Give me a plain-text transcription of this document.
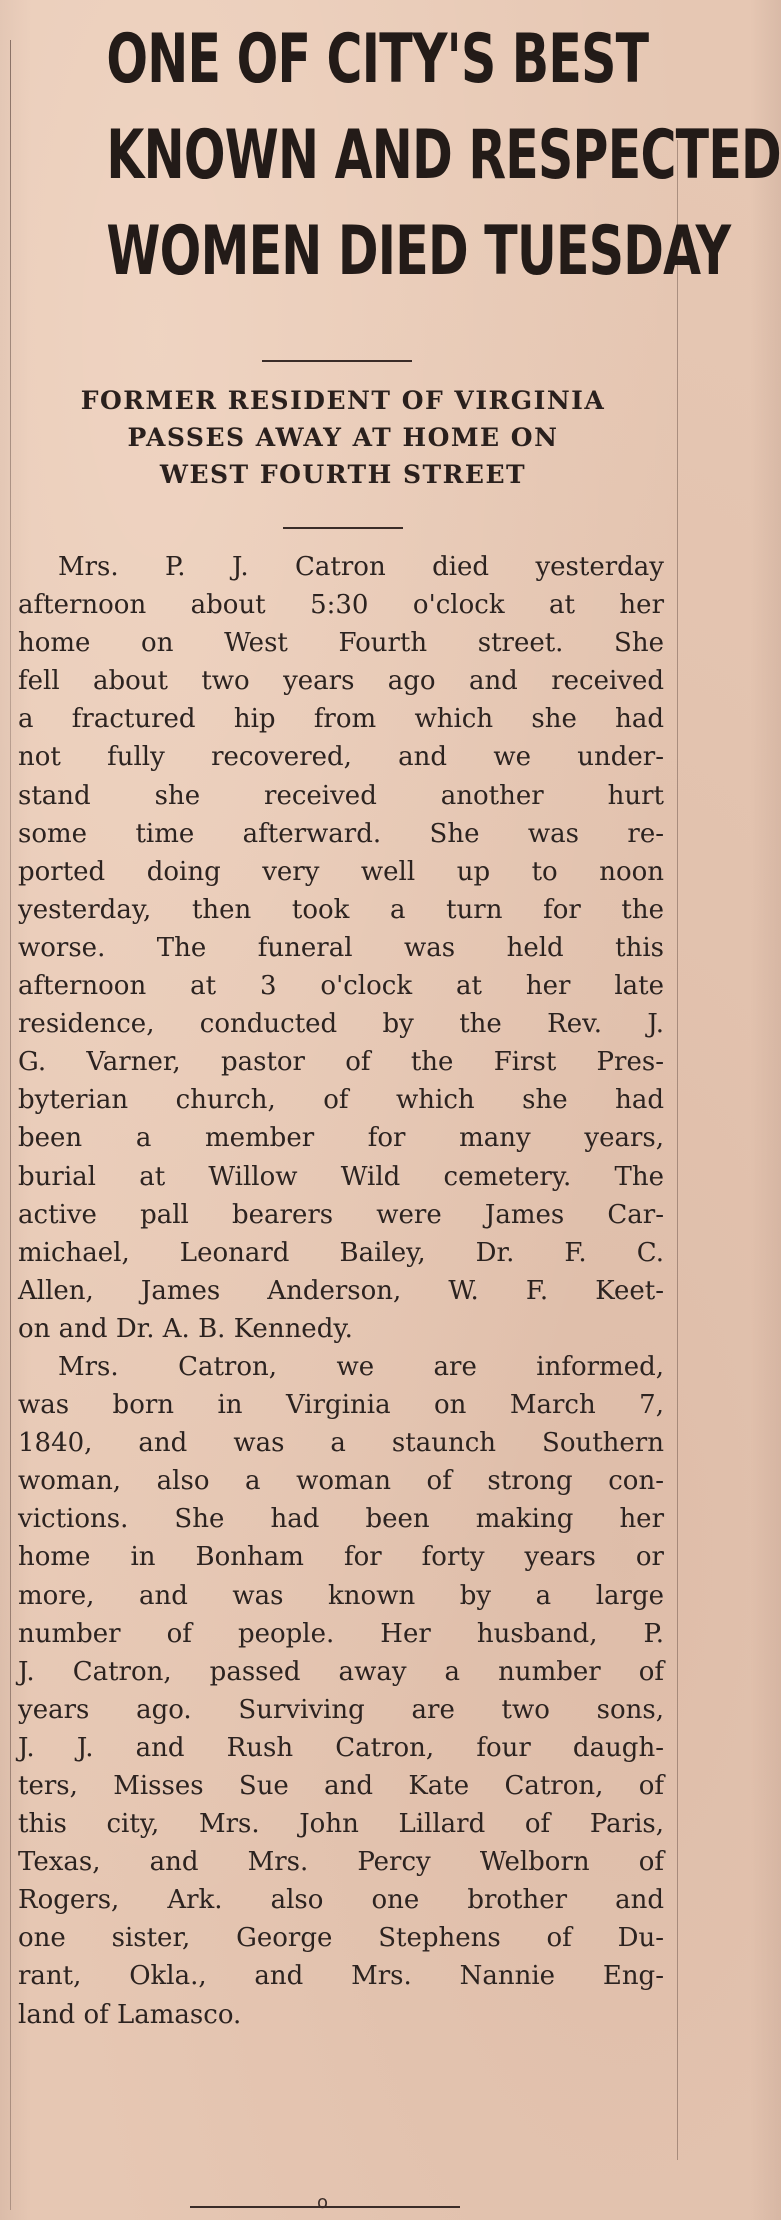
ONE OF CITY'S BEST
KNOWN AND RESPECTED
WOMEN DIED TUESDAY
FORMER RESIDENT OF VIRGINIA
PASSES AWAY AT HOME ON
WEST FOURTH STREET
Mrs. P. J. Catron died yesterday
afternoon about 5:30 o'clock at her
home on West Fourth street. She
fell about two years ago and received
a fractured hip from which she had
not fully recovered, and we under-
stand she received another hurt
some time afterward. She was re-
ported doing very well up to noon
yesterday, then took a turn for the
worse. The funeral was held this
afternoon at 3 o'clock at her late
residence, conducted by the Rev. J.
G. Varner, pastor of the First Pres-
byterian church, of which she had
been a member for many years,
burial at Willow Wild cemetery. The
active pall bearers were James Car-
michael, Leonard Bailey, Dr. F. C.
Allen, James Anderson, W. F. Keet-
on and Dr. A. B. Kennedy.
Mrs. Catron, we are informed,
was born in Virginia on March 7,
1840, and was a staunch Southern
woman, also a woman of strong con-
victions. She had been making her
home in Bonham for forty years or
more, and was known by a large
number of people. Her husband, P.
J. Catron, passed away a number of
years ago. Surviving are two sons,
J. J. and Rush Catron, four daugh-
ters, Misses Sue and Kate Catron, of
this city, Mrs. John Lillard of Paris,
Texas, and Mrs. Percy Welborn of
Rogers, Ark. also one brother and
one sister, George Stephens of Du-
rant, Okla., and Mrs. Nannie Eng-
land of Lamasco.
o
